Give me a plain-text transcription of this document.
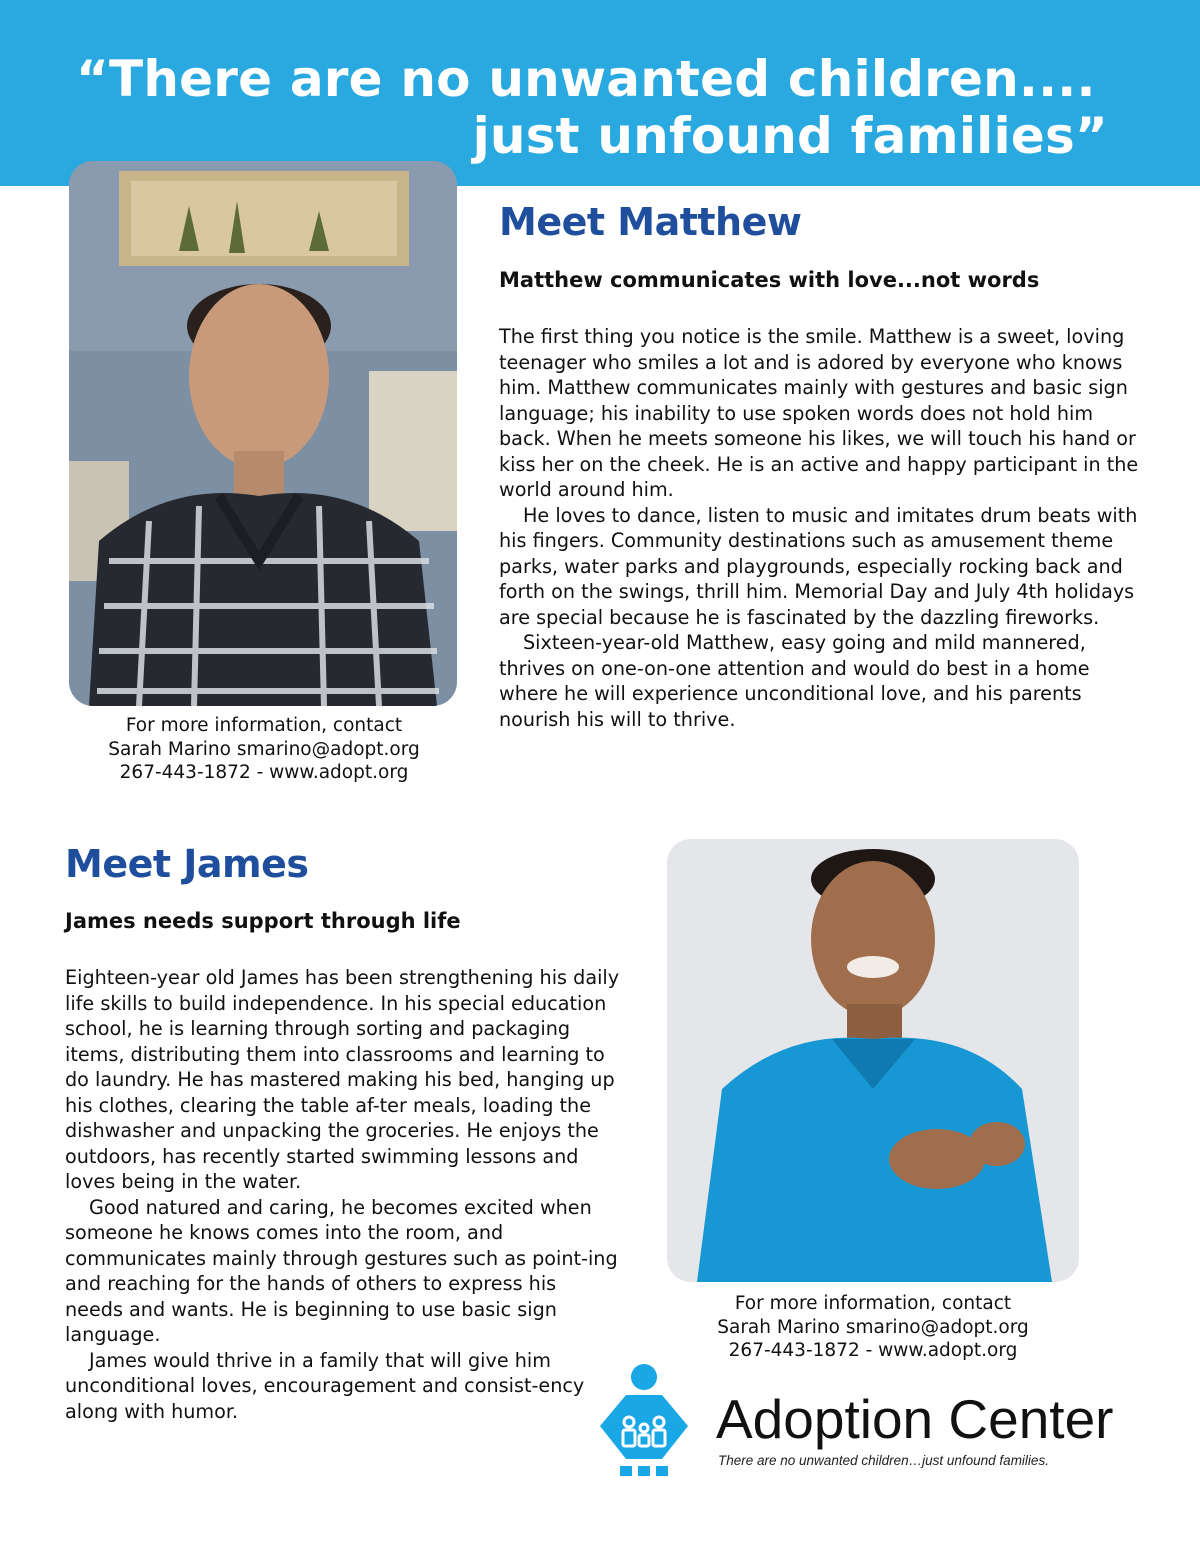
“There are no unwanted children....
just unfound families”
Meet Matthew
Matthew communicates with love...not words

The first thing you notice is the smile. Matthew is a sweet, loving teenager who smiles a lot and is adored by everyone who knows him. Matthew communicates mainly with gestures and basic sign language; his inability to use spoken words does not hold him back. When he meets someone his likes, we will touch his hand or kiss her on the cheek. He is an active and happy participant in the world around him.

He loves to dance, listen to music and imitates drum beats with his fingers. Community destinations such as amusement theme parks, water parks and playgrounds, especially rocking back and forth on the swings, thrill him. Memorial Day and July 4th holidays are special because he is fascinated by the dazzling fireworks.

Sixteen-year-old Matthew, easy going and mild mannered, thrives on one-on-one attention and would do best in a home where he will experience unconditional love, and his parents nourish his will to thrive.

For more information, contact
Sarah Marino smarino@adopt.org
267-443-1872 - www.adopt.org
Meet James
James needs support through life

Eighteen-year old James has been strengthening his daily life skills to build independence. In his special education school, he is learning through sorting and packaging items, distributing them into classrooms and learning to do laundry. He has mastered making his bed, hanging up his clothes, clearing the table af-ter meals, loading the dishwasher and unpacking the groceries. He enjoys the outdoors, has recently started swimming lessons and loves being in the water.

Good natured and caring, he becomes excited when someone he knows comes into the room, and communicates mainly through gestures such as point-ing and reaching for the hands of others to express his needs and wants. He is beginning to use basic sign language.

James would thrive in a family that will give him unconditional loves, encouragement and consist-ency along with humor.

For more information, contact
Sarah Marino smarino@adopt.org
267-443-1872 - www.adopt.org
Adoption Center
There are no unwanted children…just unfound families.
